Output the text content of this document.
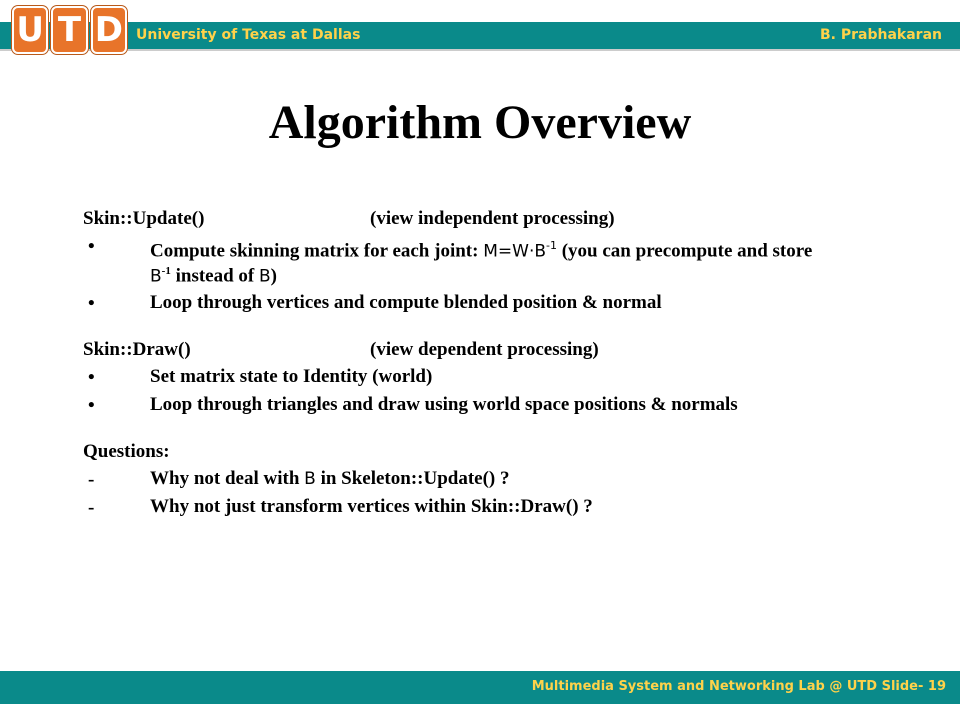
U T D University of Texas at Dallas	B. Prabhakaran
Algorithm Overview
Skin::Update()	(view independent processing)
•	Compute skinning matrix for each joint: $M=W\cdot B^{-1}$ (you can precompute and store $B^{-1}$ instead of B)
•	Loop through vertices and compute blended position & normal
Skin::Draw()	(view dependent processing)
•	Set matrix state to Identity (world)
•	Loop through triangles and draw using world space positions & normals
Questions:
-	Why not deal with B in Skeleton::Update() ?
-	Why not just transform vertices within Skin::Draw() ?
Multimedia System and Networking Lab @ UTD Slide- 19
